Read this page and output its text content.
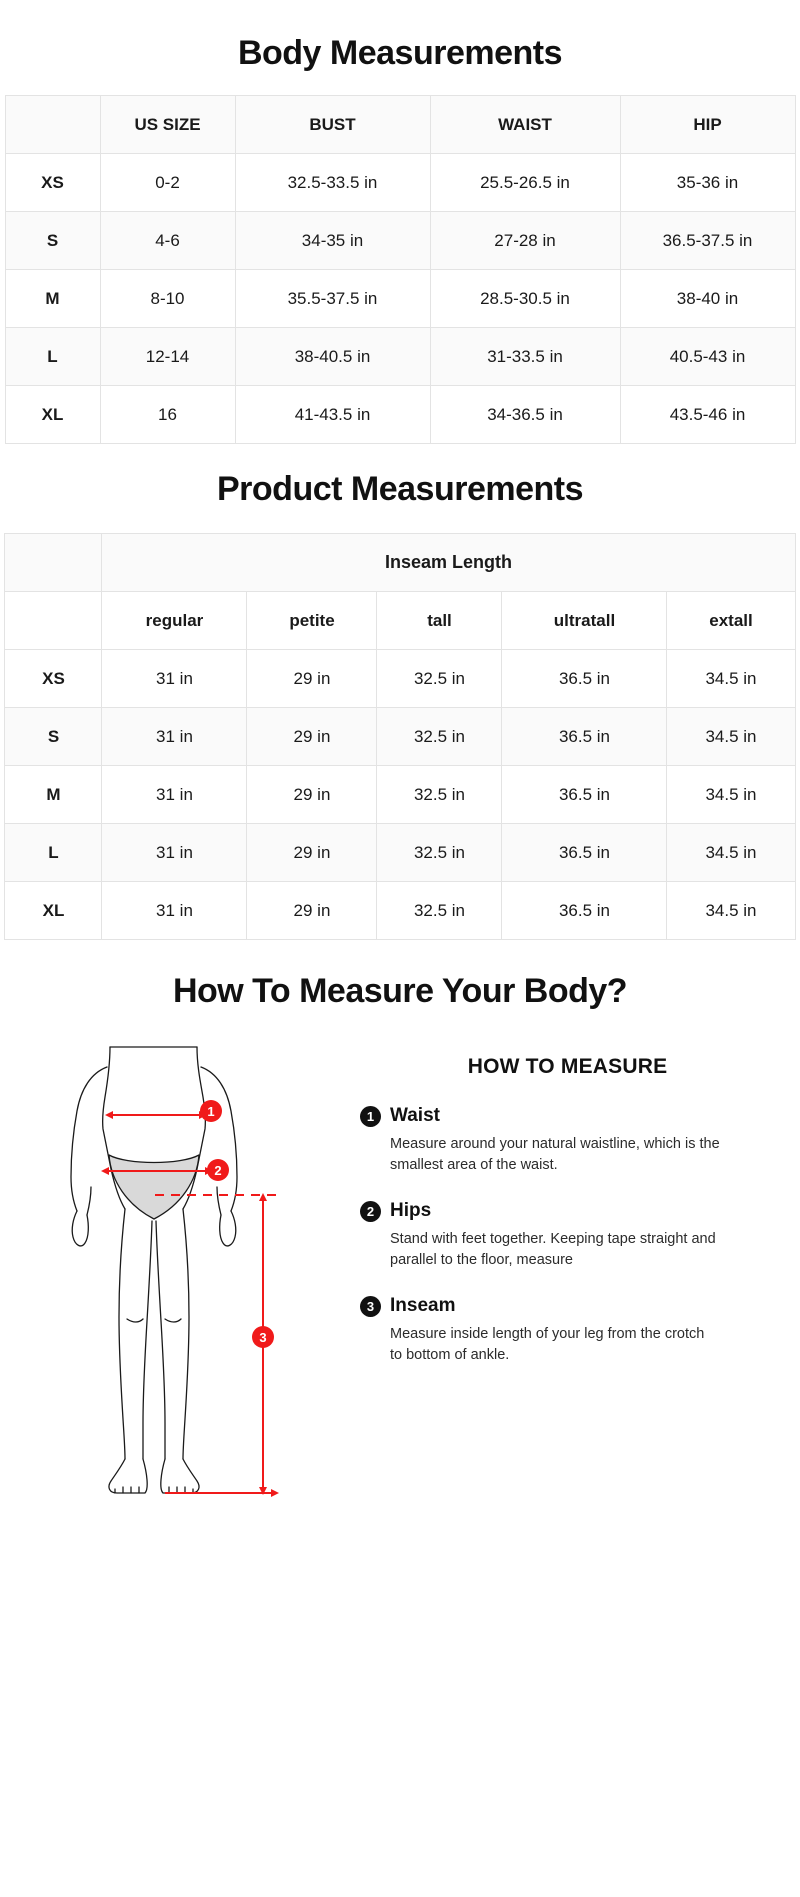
Body Measurements
	US SIZE	BUST	WAIST	HIP
XS	0-2	32.5-33.5 in	25.5-26.5 in	35-36 in
S	4-6	34-35 in	27-28 in	36.5-37.5 in
M	8-10	35.5-37.5 in	28.5-30.5 in	38-40 in
L	12-14	38-40.5 in	31-33.5 in	40.5-43 in
XL	16	41-43.5 in	34-36.5 in	43.5-46 in
Product Measurements
	Inseam Length				
	regular	petite	tall	ultratall	extall
XS	31 in	29 in	32.5 in	36.5 in	34.5 in
S	31 in	29 in	32.5 in	36.5 in	34.5 in
M	31 in	29 in	32.5 in	36.5 in	34.5 in
L	31 in	29 in	32.5 in	36.5 in	34.5 in
XL	31 in	29 in	32.5 in	36.5 in	34.5 in
How To Measure Your Body?
1
2
3
HOW TO MEASURE
1 Waist
Measure around your natural waistline, which is the smallest area of the waist.
2 Hips
Stand with feet together. Keeping tape straight and parallel to the floor, measure
3 Inseam
Measure inside length of your leg from the crotch to bottom of ankle.
